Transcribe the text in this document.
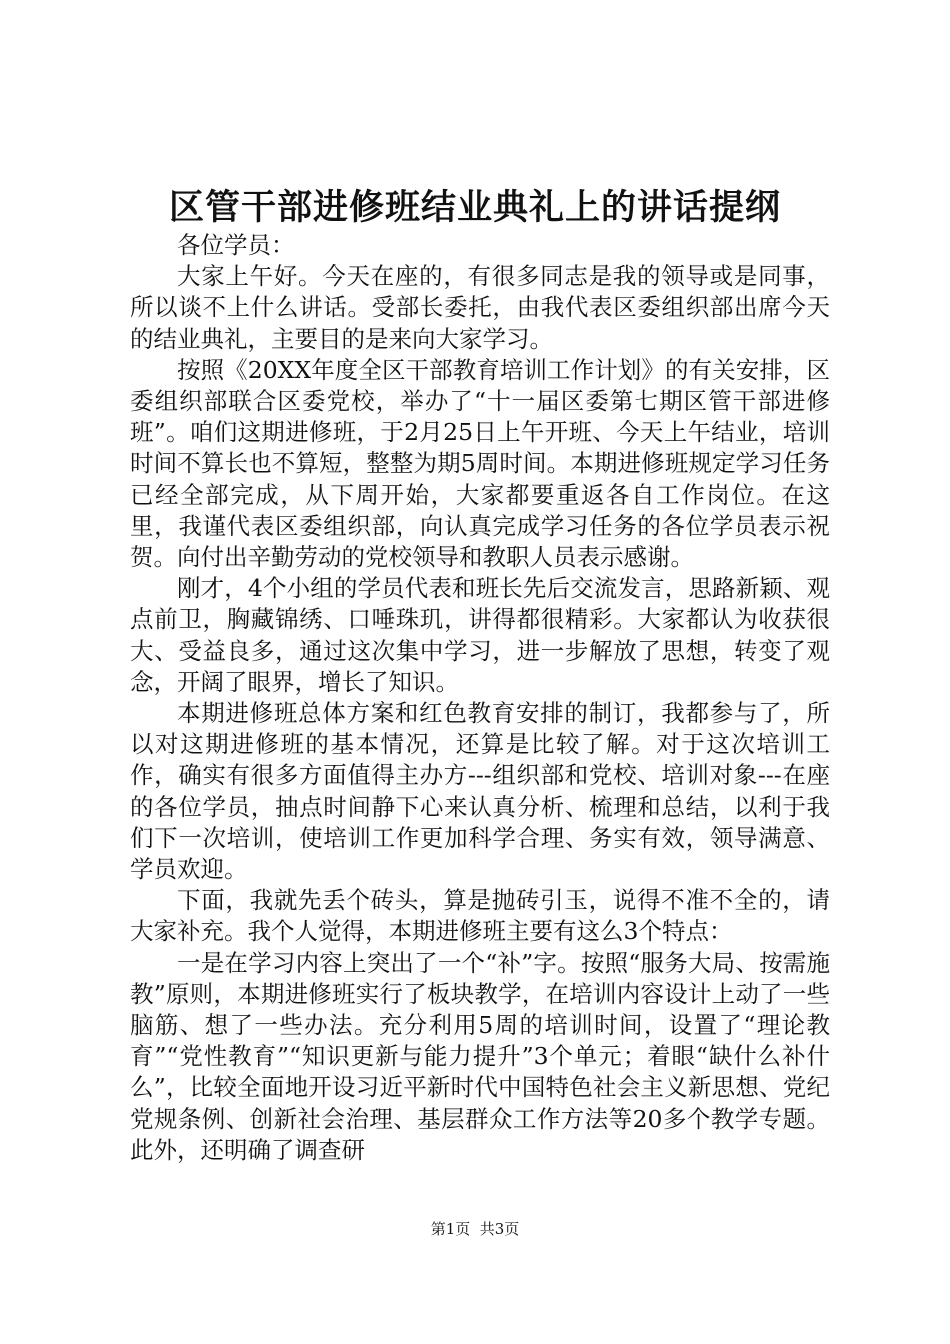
区管干部进修班结业典礼上的讲话提纲

各位学员：

大家上午好。今天在座的，有很多同志是我的领导或是同事，所以谈不上什么讲话。受部长委托，由我代表区委组织部出席今天的结业典礼，主要目的是来向大家学习。

按照《20XX年度全区干部教育培训工作计划》的有关安排，区委组织部联合区委党校，举办了“十一届区委第七期区管干部进修班”。咱们这期进修班，于2月25日上午开班、今天上午结业，培训时间不算长也不算短，整整为期5周时间。本期进修班规定学习任务已经全部完成，从下周开始，大家都要重返各自工作岗位。在这里，我谨代表区委组织部，向认真完成学习任务的各位学员表示祝贺。向付出辛勤劳动的党校领导和教职人员表示感谢。

刚才，4个小组的学员代表和班长先后交流发言，思路新颖、观点前卫，胸藏锦绣、口唾珠玑，讲得都很精彩。大家都认为收获很大、受益良多，通过这次集中学习，进一步解放了思想，转变了观念，开阔了眼界，增长了知识。

本期进修班总体方案和红色教育安排的制订，我都参与了，所以对这期进修班的基本情况，还算是比较了解。对于这次培训工作，确实有很多方面值得主办方---组织部和党校、培训对象---在座的各位学员，抽点时间静下心来认真分析、梳理和总结，以利于我们下一次培训，使培训工作更加科学合理、务实有效，领导满意、学员欢迎。

下面，我就先丢个砖头，算是抛砖引玉，说得不准不全的，请大家补充。我个人觉得，本期进修班主要有这么3个特点：

一是在学习内容上突出了一个“补”字。按照“服务大局、按需施教”原则，本期进修班实行了板块教学，在培训内容设计上动了一些脑筋、想了一些办法。充分利用5周的培训时间，设置了“理论教育”“党性教育”“知识更新与能力提升”3个单元；着眼“缺什么补什么”，比较全面地开设习近平新时代中国特色社会主义新思想、党纪党规条例、创新社会治理、基层群众工作方法等20多个教学专题。此外，还明确了调查研

第1页  共3页
